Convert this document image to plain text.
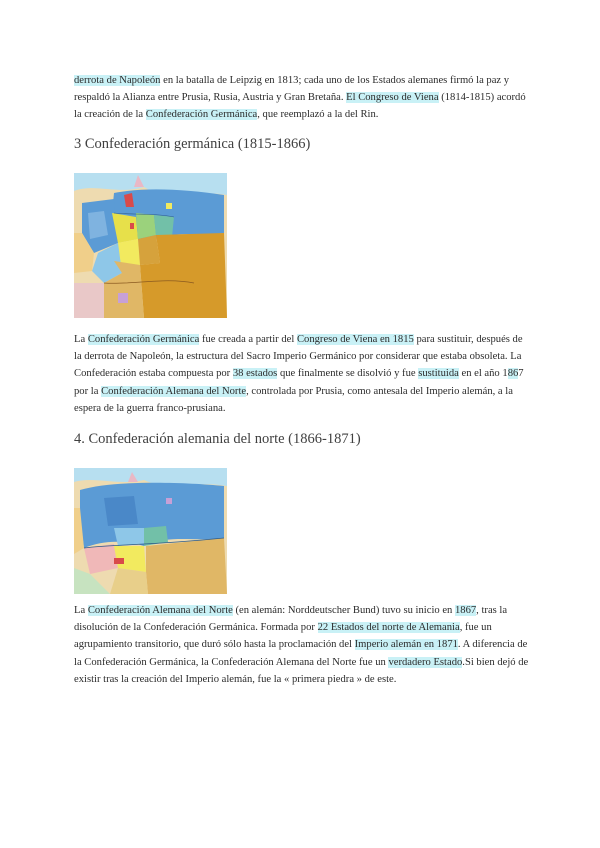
derrota de Napoleón en la batalla de Leipzig en 1813; cada uno de los Estados alemanes firmó la paz y respaldó la Alianza entre Prusia, Rusia, Austria y Gran Bretaña. El Congreso de Viena (1814-1815) acordó la creación de la Confederación Germánica, que reemplazó a la del Rin.

3 Confederación germánica (1815-1866)

La Confederación Germánica fue creada a partir del Congreso de Viena en 1815 para sustituir, después de la derrota de Napoleón, la estructura del Sacro Imperio Germánico por considerar que estaba obsoleta. La Confederación estaba compuesta por 38 estados que finalmente se disolvió y fue sustituida en el año 1867 por la Confederación Alemana del Norte, controlada por Prusia, como antesala del Imperio alemán, a la espera de la guerra franco-prusiana.

4. Confederación alemania del norte (1866-1871)

La Confederación Alemana del Norte (en alemán: Norddeutscher Bund) tuvo su inicio en 1867, tras la disolución de la Confederación Germánica. Formada por 22 Estados del norte de Alemania, fue un agrupamiento transitorio, que duró sólo hasta la proclamación del Imperio alemán en 1871. A diferencia de la Confederación Germánica, la Confederación Alemana del Norte fue un verdadero Estado.Si bien dejó de existir tras la creación del Imperio alemán, fue la « primera piedra » de este.
